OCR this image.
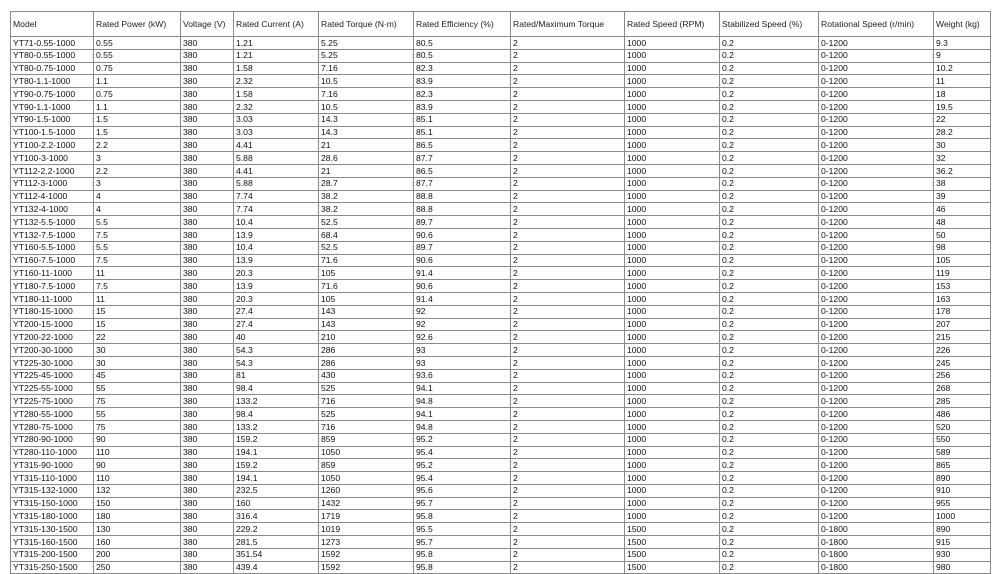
Model	Rated Power (kW)	Voltage (V)	Rated Current (A)	Rated Torque (N·m)	Rated Efficiency (%)	Rated/Maximum Torque	Rated Speed (RPM)	Stabilized Speed (%)	Rotational Speed (r/min)	Weight (kg)
YT71-0.55-1000	0.55	380	1.21	5.25	80.5	2	1000	0.2	0-1200	9.3
YT80-0.55-1000	0.55	380	1.21	5.25	80.5	2	1000	0.2	0-1200	9
YT80-0.75-1000	0.75	380	1.58	7.16	82.3	2	1000	0.2	0-1200	10.2
YT80-1.1-1000	1.1	380	2.32	10.5	83.9	2	1000	0.2	0-1200	11
YT90-0.75-1000	0.75	380	1.58	7.16	82.3	2	1000	0.2	0-1200	18
YT90-1.1-1000	1.1	380	2.32	10.5	83.9	2	1000	0.2	0-1200	19.5
YT90-1.5-1000	1.5	380	3.03	14.3	85.1	2	1000	0.2	0-1200	22
YT100-1.5-1000	1.5	380	3.03	14.3	85.1	2	1000	0.2	0-1200	28.2
YT100-2.2-1000	2.2	380	4.41	21	86.5	2	1000	0.2	0-1200	30
YT100-3-1000	3	380	5.88	28.6	87.7	2	1000	0.2	0-1200	32
YT112-2.2-1000	2.2	380	4.41	21	86.5	2	1000	0.2	0-1200	36.2
YT112-3-1000	3	380	5.88	28.7	87.7	2	1000	0.2	0-1200	38
YT112-4-1000	4	380	7.74	38.2	88.8	2	1000	0.2	0-1200	39
YT132-4-1000	4	380	7.74	38.2	88.8	2	1000	0.2	0-1200	46
YT132-5.5-1000	5.5	380	10.4	52.5	89.7	2	1000	0.2	0-1200	48
YT132-7.5-1000	7.5	380	13.9	68.4	90.6	2	1000	0.2	0-1200	50
YT160-5.5-1000	5.5	380	10.4	52.5	89.7	2	1000	0.2	0-1200	98
YT160-7.5-1000	7.5	380	13.9	71.6	90.6	2	1000	0.2	0-1200	105
YT160-11-1000	11	380	20.3	105	91.4	2	1000	0.2	0-1200	119
YT180-7.5-1000	7.5	380	13.9	71.6	90.6	2	1000	0.2	0-1200	153
YT180-11-1000	11	380	20.3	105	91.4	2	1000	0.2	0-1200	163
YT180-15-1000	15	380	27.4	143	92	2	1000	0.2	0-1200	178
YT200-15-1000	15	380	27.4	143	92	2	1000	0.2	0-1200	207
YT200-22-1000	22	380	40	210	92.6	2	1000	0.2	0-1200	215
YT200-30-1000	30	380	54.3	286	93	2	1000	0.2	0-1200	226
YT225-30-1000	30	380	54.3	286	93	2	1000	0.2	0-1200	245
YT225-45-1000	45	380	81	430	93.6	2	1000	0.2	0-1200	256
YT225-55-1000	55	380	98.4	525	94.1	2	1000	0.2	0-1200	268
YT225-75-1000	75	380	133.2	716	94.8	2	1000	0.2	0-1200	285
YT280-55-1000	55	380	98.4	525	94.1	2	1000	0.2	0-1200	486
YT280-75-1000	75	380	133.2	716	94.8	2	1000	0.2	0-1200	520
YT280-90-1000	90	380	159.2	859	95.2	2	1000	0.2	0-1200	550
YT280-110-1000	110	380	194.1	1050	95.4	2	1000	0.2	0-1200	589
YT315-90-1000	90	380	159.2	859	95.2	2	1000	0.2	0-1200	865
YT315-110-1000	110	380	194.1	1050	95.4	2	1000	0.2	0-1200	890
YT315-132-1000	132	380	232.5	1260	95.6	2	1000	0.2	0-1200	910
YT315-150-1000	150	380	160	1432	95.7	2	1000	0.2	0-1200	955
YT315-180-1000	180	380	316.4	1719	95.8	2	1000	0.2	0-1200	1000
YT315-130-1500	130	380	229.2	1019	95.5	2	1500	0.2	0-1800	890
YT315-160-1500	160	380	281.5	1273	95.7	2	1500	0.2	0-1800	915
YT315-200-1500	200	380	351.54	1592	95.8	2	1500	0.2	0-1800	930
YT315-250-1500	250	380	439.4	1592	95.8	2	1500	0.2	0-1800	980
